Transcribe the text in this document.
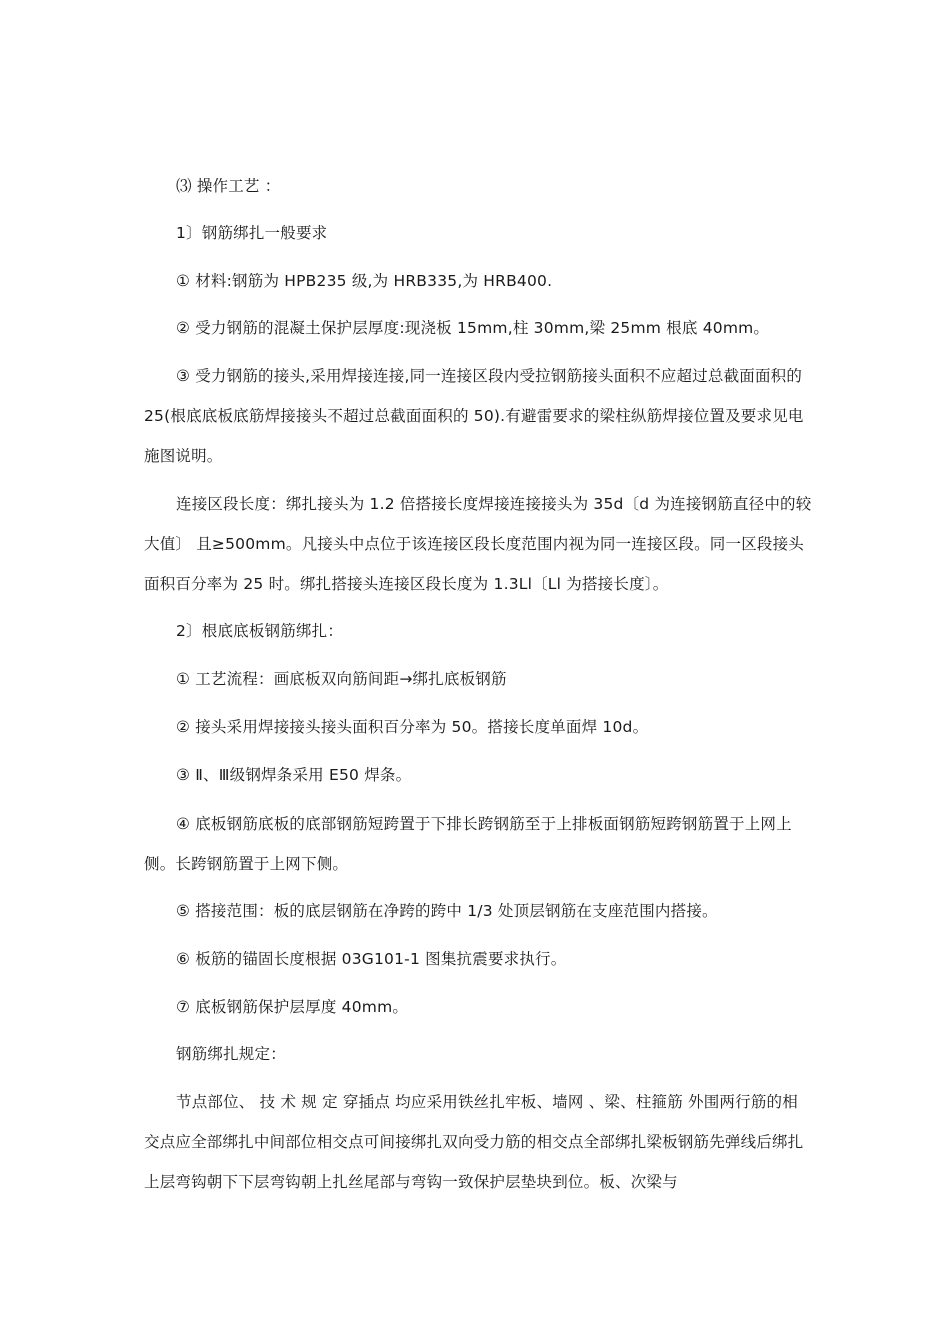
⑶ 操作工艺 ：

1〕钢筋绑扎一般要求

① 材料:钢筋为 HPB235 级,为 HRB335,为 HRB400.

② 受力钢筋的混凝土保护层厚度:现浇板 15mm,柱 30mm,梁 25mm 根底 40mm。

③ 受力钢筋的接头,采用焊接连接,同一连接区段内受拉钢筋接头面积不应超过总截面面积的 25(根底底板底筋焊接接头不超过总截面面积的 50).有避雷要求的梁柱纵筋焊接位置及要求见电施图说明。

连接区段长度：绑扎接头为 1.2 倍搭接长度焊接连接接头为 35d〔d 为连接钢筋直径中的较大值〕 且≥500mm。凡接头中点位于该连接区段长度范围内视为同一连接区段。同一区段接头面积百分率为 25 时。绑扎搭接头连接区段长度为 1.3Ll〔Ll 为搭接长度〕。

2〕根底底板钢筋绑扎：

① 工艺流程：画底板双向筋间距→绑扎底板钢筋

② 接头采用焊接接头接头面积百分率为 50。搭接长度单面焊 10d。

③ Ⅱ、Ⅲ级钢焊条采用 E50 焊条。

④ 底板钢筋底板的底部钢筋短跨置于下排长跨钢筋至于上排板面钢筋短跨钢筋置于上网上侧。长跨钢筋置于上网下侧。

⑤ 搭接范围：板的底层钢筋在净跨的跨中 1/3 处顶层钢筋在支座范围内搭接。

⑥ 板筋的锚固长度根据 03G101-1 图集抗震要求执行。

⑦ 底板钢筋保护层厚度 40mm。

钢筋绑扎规定：

节点部位、 技 术 规 定 穿插点 均应采用铁丝扎牢板、墙网 、梁、柱箍筋 外围两行筋的相交点应全部绑扎中间部位相交点可间接绑扎双向受力筋的相交点全部绑扎梁板钢筋先弹线后绑扎上层弯钩朝下下层弯钩朝上扎丝尾部与弯钩一致保护层垫块到位。板、次梁与
